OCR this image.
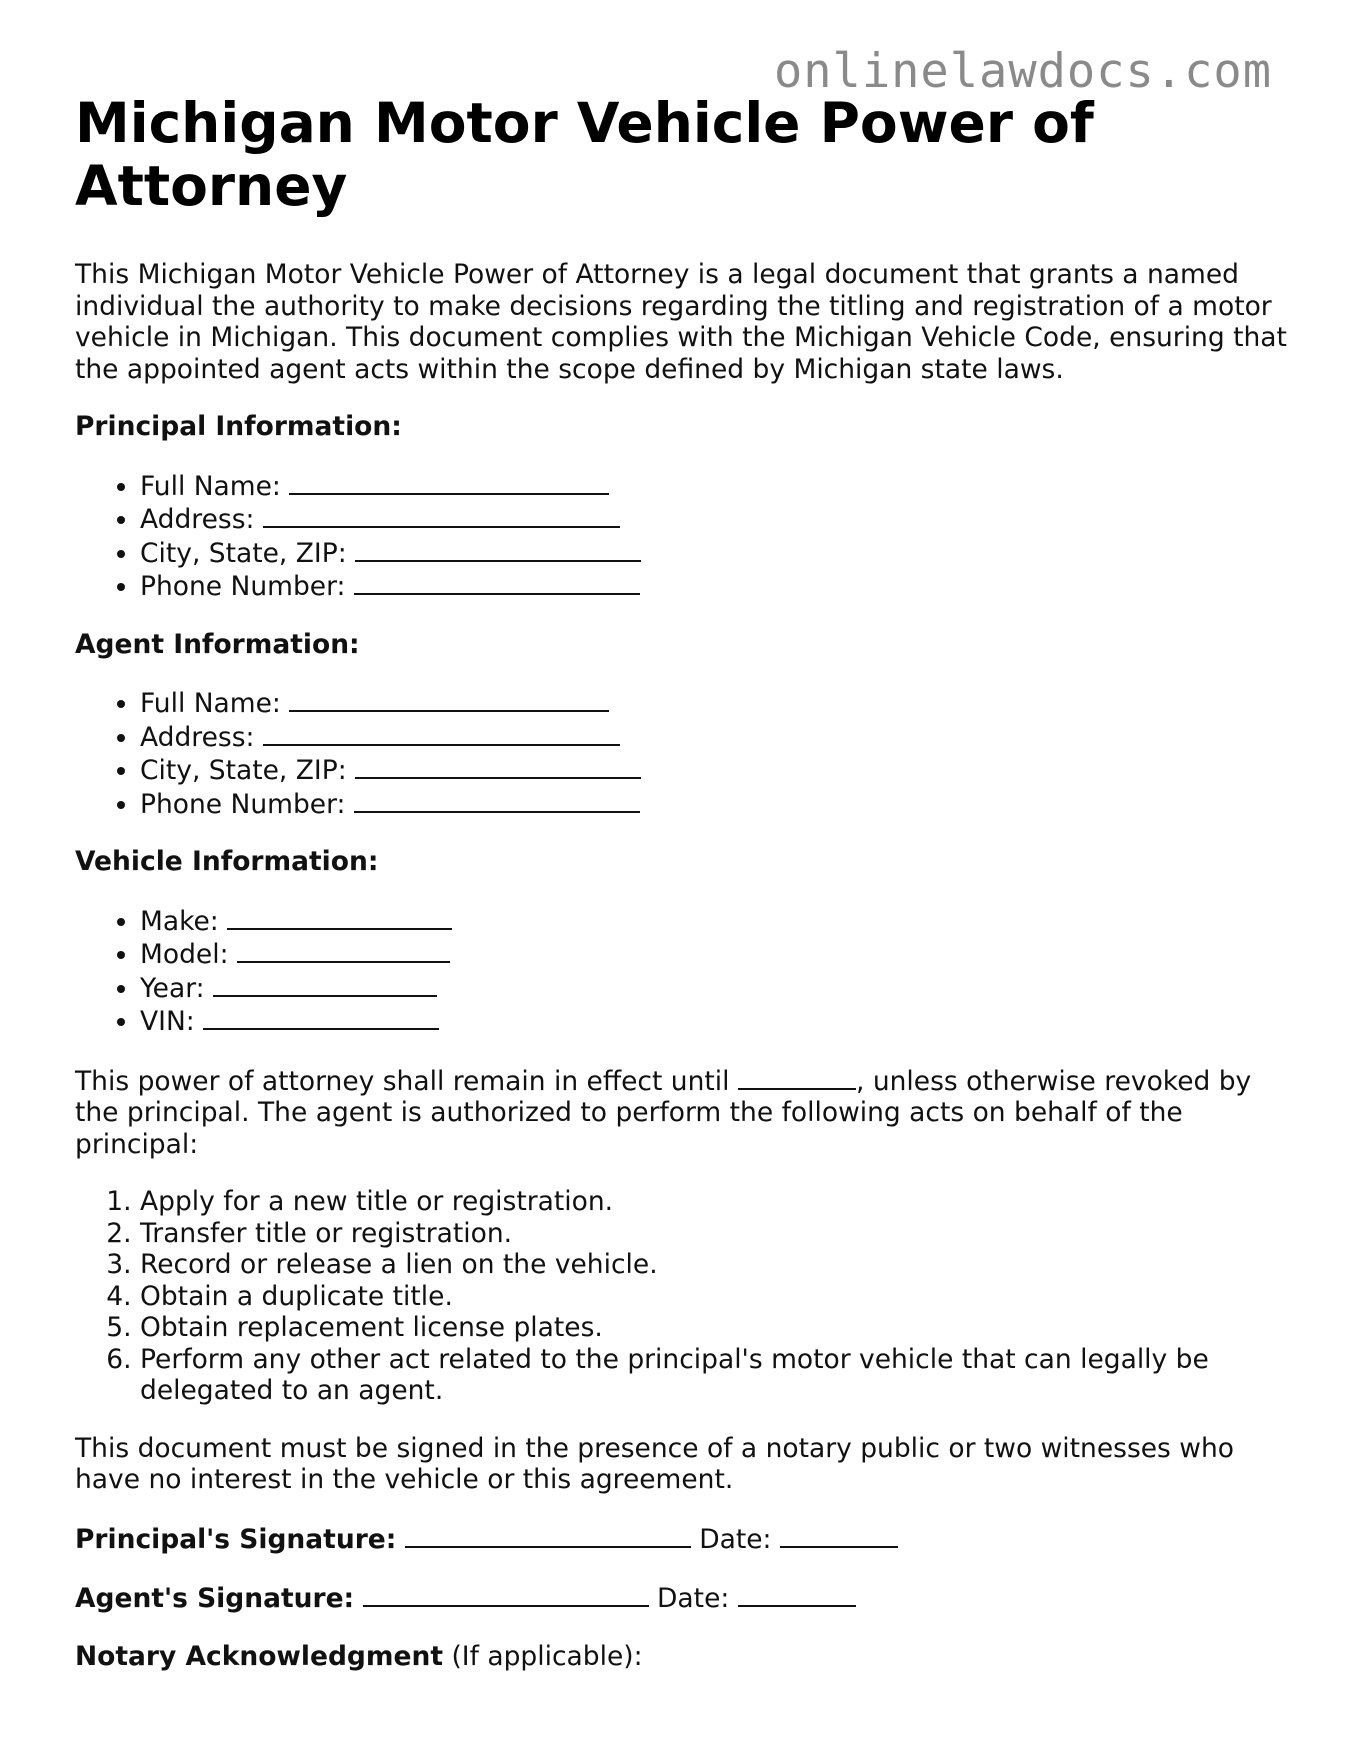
onlinelawdocs.com
Michigan Motor Vehicle Power of Attorney

This Michigan Motor Vehicle Power of Attorney is a legal document that grants a named individual the authority to make decisions regarding the titling and registration of a motor vehicle in Michigan. This document complies with the Michigan Vehicle Code, ensuring that the appointed agent acts within the scope defined by Michigan state laws.

Principal Information:

• Full Name:
• Address:
• City, State, ZIP:
• Phone Number:

Agent Information:

• Full Name:
• Address:
• City, State, ZIP:
• Phone Number:

Vehicle Information:

• Make:
• Model:
• Year:
• VIN:

This power of attorney shall remain in effect until	, unless otherwise revoked by the principal. The agent is authorized to perform the following acts on behalf of the principal:

1. Apply for a new title or registration.
2. Transfer title or registration.
3. Record or release a lien on the vehicle.
4. Obtain a duplicate title.
5. Obtain replacement license plates.
6. Perform any other act related to the principal's motor vehicle that can legally be delegated to an agent.

This document must be signed in the presence of a notary public or two witnesses who have no interest in the vehicle or this agreement.

Principal's Signature:	Date:

Agent's Signature:	Date:

Notary Acknowledgment (If applicable):
